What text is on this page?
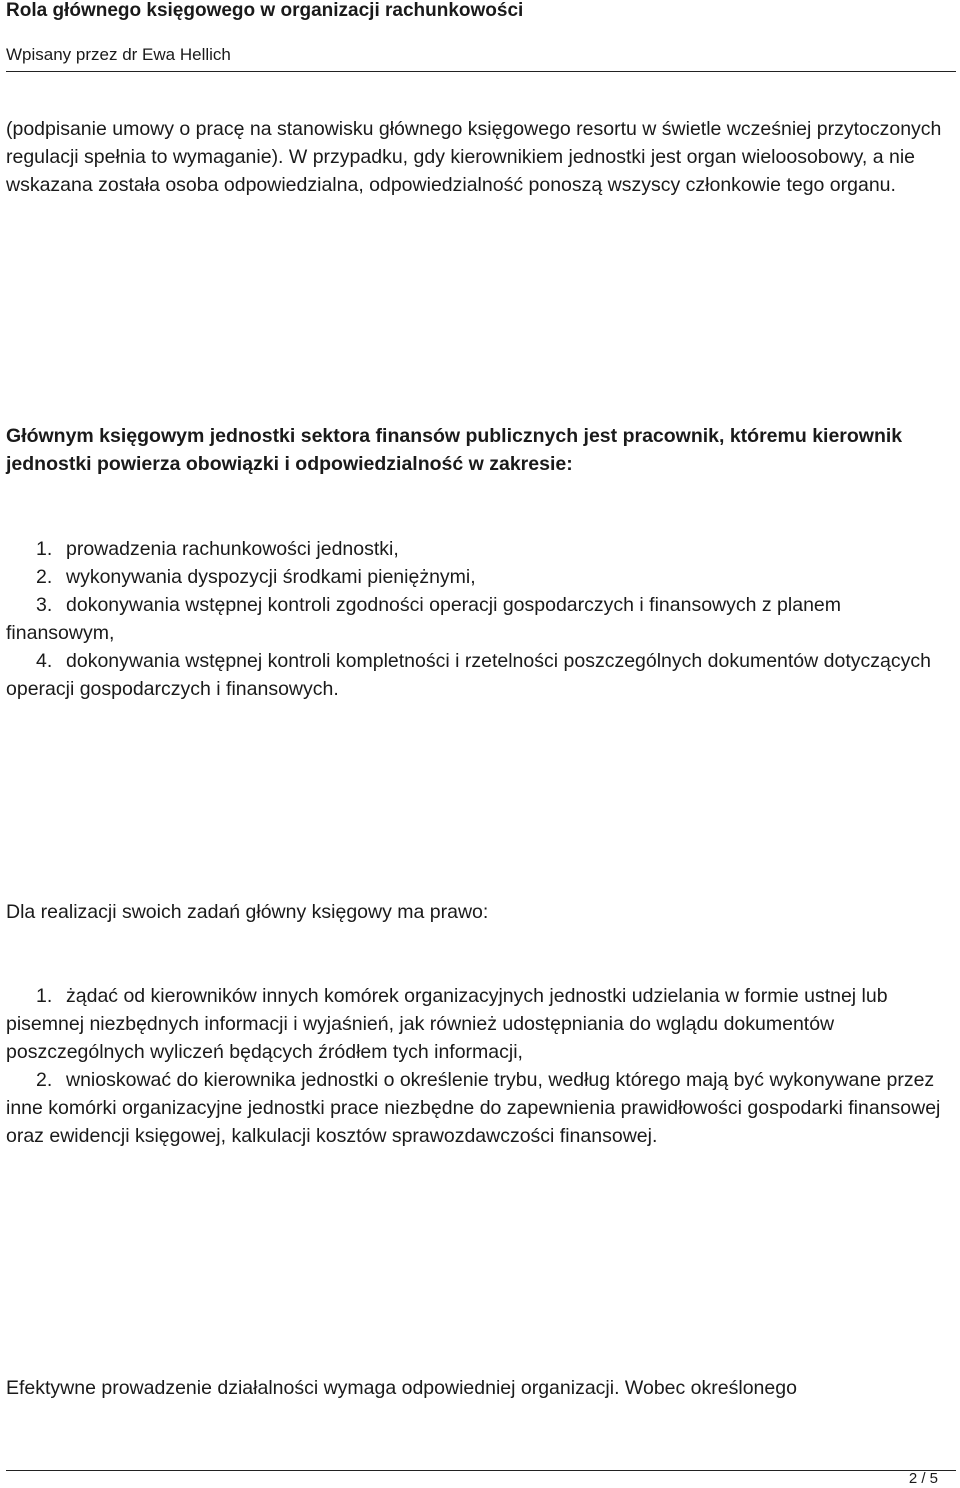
Rola głównego księgowego w organizacji rachunkowości
Wpisany przez dr Ewa Hellich

(podpisanie umowy o pracę na stanowisku głównego księgowego resortu w świetle wcześniej przytoczonych regulacji spełnia to wymaganie). W przypadku, gdy kierownikiem jednostki jest organ wieloosobowy, a nie wskazana została osoba odpowiedzialna, odpowiedzialność ponoszą wszyscy członkowie tego organu.

Głównym księgowym jednostki sektora finansów publicznych jest pracownik, któremu kierownik jednostki powierza obowiązki i odpowiedzialność w zakresie:

1. prowadzenia rachunkowości jednostki,
2. wykonywania dyspozycji środkami pieniężnymi,
3. dokonywania wstępnej kontroli zgodności operacji gospodarczych i finansowych z planem finansowym,
4. dokonywania wstępnej kontroli kompletności i rzetelności poszczególnych dokumentów dotyczących operacji gospodarczych i finansowych.

Dla realizacji swoich zadań główny księgowy ma prawo:

1. żądać od kierowników innych komórek organizacyjnych jednostki udzielania w formie ustnej lub pisemnej niezbędnych informacji i wyjaśnień, jak również udostępniania do wglądu dokumentów poszczególnych wyliczeń będących źródłem tych informacji,
2. wnioskować do kierownika jednostki o określenie trybu, według którego mają być wykonywane przez inne komórki organizacyjne jednostki prace niezbędne do zapewnienia prawidłowości gospodarki finansowej oraz ewidencji księgowej, kalkulacji kosztów sprawozdawczości finansowej.

Efektywne prowadzenie działalności wymaga odpowiedniej organizacji. Wobec określonego

2 / 5
